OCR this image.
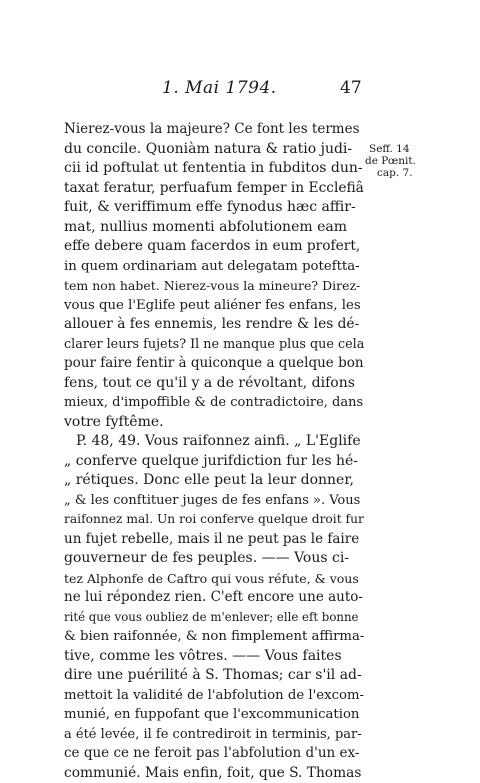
1. Mai 1794.	47
Seff. 14
de Pœnit.
cap. 7.
Nierez-vous la majeure? Ce font les termes
du concile. Quoniàm natura & ratio judi-
cii id poftulat ut fententia in fubditos dun-
taxat feratur, perfuafum femper in Ecclefiâ
fuit, & veriffimum effe fynodus hæc affir-
mat, nullius momenti abfolutionem eam
effe debere quam facerdos in eum profert,
in quem ordinariam aut delegatam poteftta-
tem non habet. Nierez-vous la mineure? Direz-
vous que l'Eglife peut aliéner fes enfans, les
allouer à fes ennemis, les rendre & les dé-
clarer leurs fujets? Il ne manque plus que cela
pour faire fentir à quiconque a quelque bon
fens, tout ce qu'il y a de révoltant, difons
mieux, d'impoffible & de contradictoire, dans
votre fyftême.
P. 48, 49. Vous raifonnez ainfi. „ L'Eglife
„ conferve quelque jurifdiction fur les hé-
„ rétiques. Donc elle peut la leur donner,
„ & les conftituer juges de fes enfans ». Vous
raifonnez mal. Un roi conferve quelque droit fur
un fujet rebelle, mais il ne peut pas le faire
gouverneur de fes peuples. —— Vous ci-
tez Alphonfe de Caftro qui vous réfute, & vous
ne lui répondez rien. C'eft encore une auto-
rité que vous oubliez de m'enlever; elle eft bonne
& bien raifonnée, & non fimplement affirma-
tive, comme les vôtres. —— Vous faites
dire une puérilité à S. Thomas; car s'il ad-
mettoit la validité de l'abfolution de l'excom-
munié, en fuppofant que l'excommunication
a été levée, il fe contrediroit in terminis, par-
ce que ce ne feroit pas l'abfolution d'un ex-
communié. Mais enfin, foit, que S. Thomas
